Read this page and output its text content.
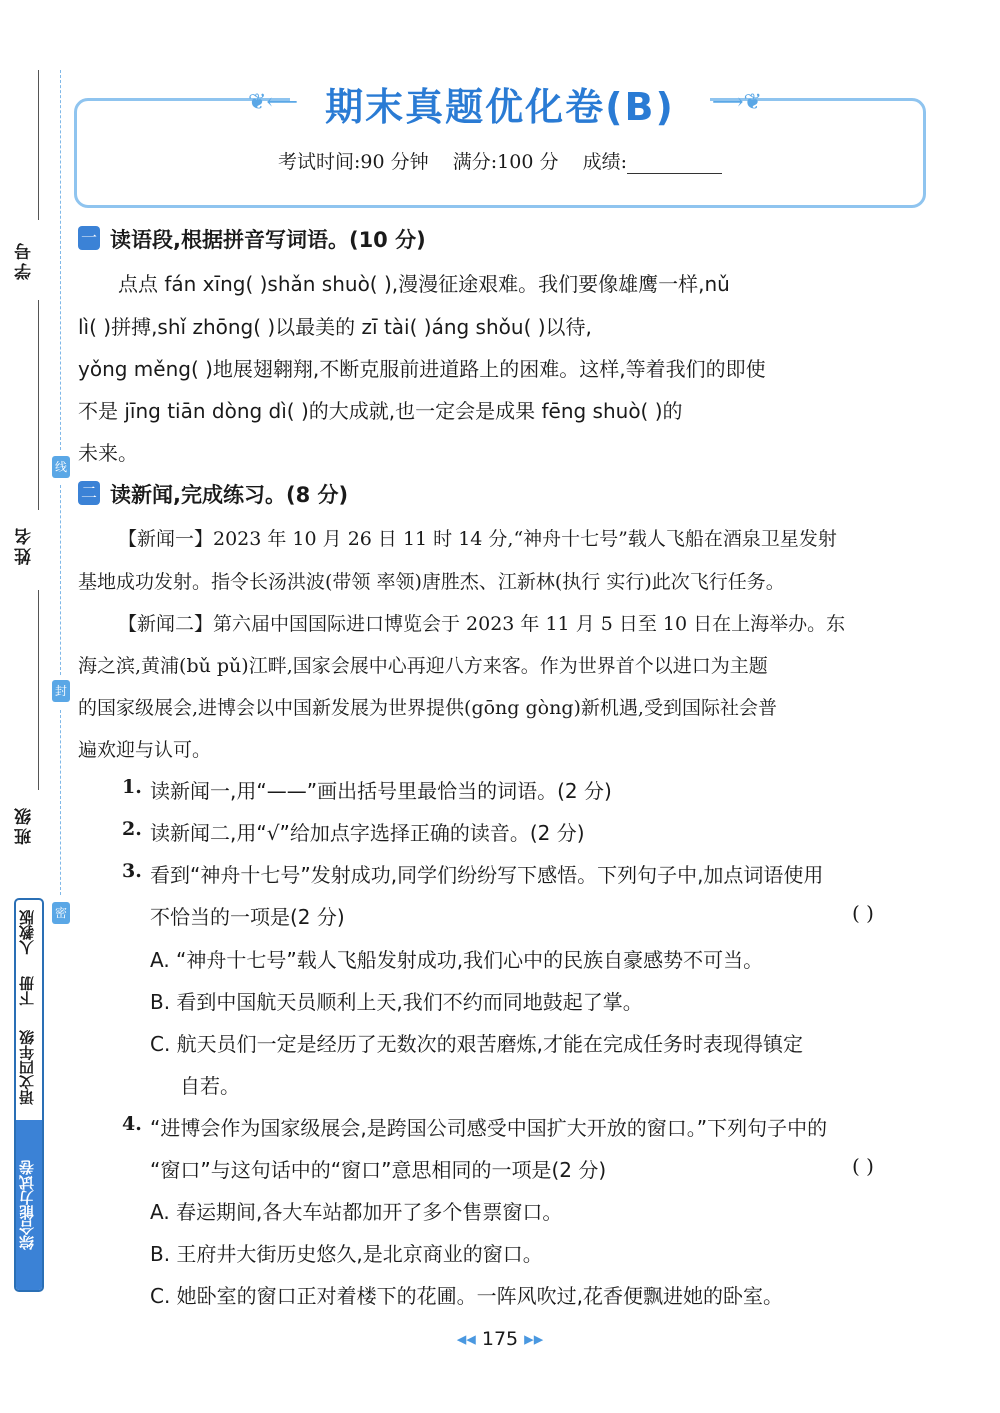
学号
姓名
班级
线
封
密
人教版
下册
语文四年级
综合能力试卷
❦⟵	⟶❦
期末真题优化卷(B)
考试时间:90 分钟 满分:100 分 成绩:
一 读语段,根据拼音写词语。(10 分)
点点 fán xīng( )shǎn shuò( ),漫漫征途艰难。我们要像雄鹰一样,nǔ
lì( )拼搏,shǐ zhōng( )以最美的 zī tài( )áng shǒu( )以待,
yǒng měng( )地展翅翱翔,不断克服前进道路上的困难。这样,等着我们的即使
不是 jīng tiān dòng dì( )的大成就,也一定会是成果 fēng shuò( )的
未来。
二 读新闻,完成练习。(8 分)
【新闻一】2023 年 10 月 26 日 11 时 14 分,“神舟十七号”载人飞船在酒泉卫星发射
基地成功发射。指令长汤洪波(带领 率领)唐胜杰、江新林(执行 实行)此次飞行任务。
【新闻二】第六届中国国际进口博览会于 2023 年 11 月 5 日至 10 日在上海举办。东
海之滨,黄浦(bǔ pǔ)江畔,国家会展中心再迎八方来客。作为世界首个以进口为主题
的国家级展会,进博会以中国新发展为世界提供(gōng gòng)新机遇,受到国际社会普
遍欢迎与认可。
1. 读新闻一,用“——”画出括号里最恰当的词语。(2 分)
2. 读新闻二,用“√”给加点字选择正确的读音。(2 分)
3. 看到“神舟十七号”发射成功,同学们纷纷写下感悟。下列句子中,加点词语使用
不恰当的一项是(2 分)	( )
A. “神舟十七号”载人飞船发射成功,我们心中的民族自豪感势不可当。
B. 看到中国航天员顺利上天,我们不约而同地鼓起了掌。
C. 航天员们一定是经历了无数次的艰苦磨炼,才能在完成任务时表现得镇定
自若。
4. “进博会作为国家级展会,是跨国公司感受中国扩大开放的窗口。”下列句子中的
“窗口”与这句话中的“窗口”意思相同的一项是(2 分)	( )
A. 春运期间,各大车站都加开了多个售票窗口。
B. 王府井大街历史悠久,是北京商业的窗口。
C. 她卧室的窗口正对着楼下的花圃。一阵风吹过,花香便飘进她的卧室。
◂◂ 175 ▸▸
